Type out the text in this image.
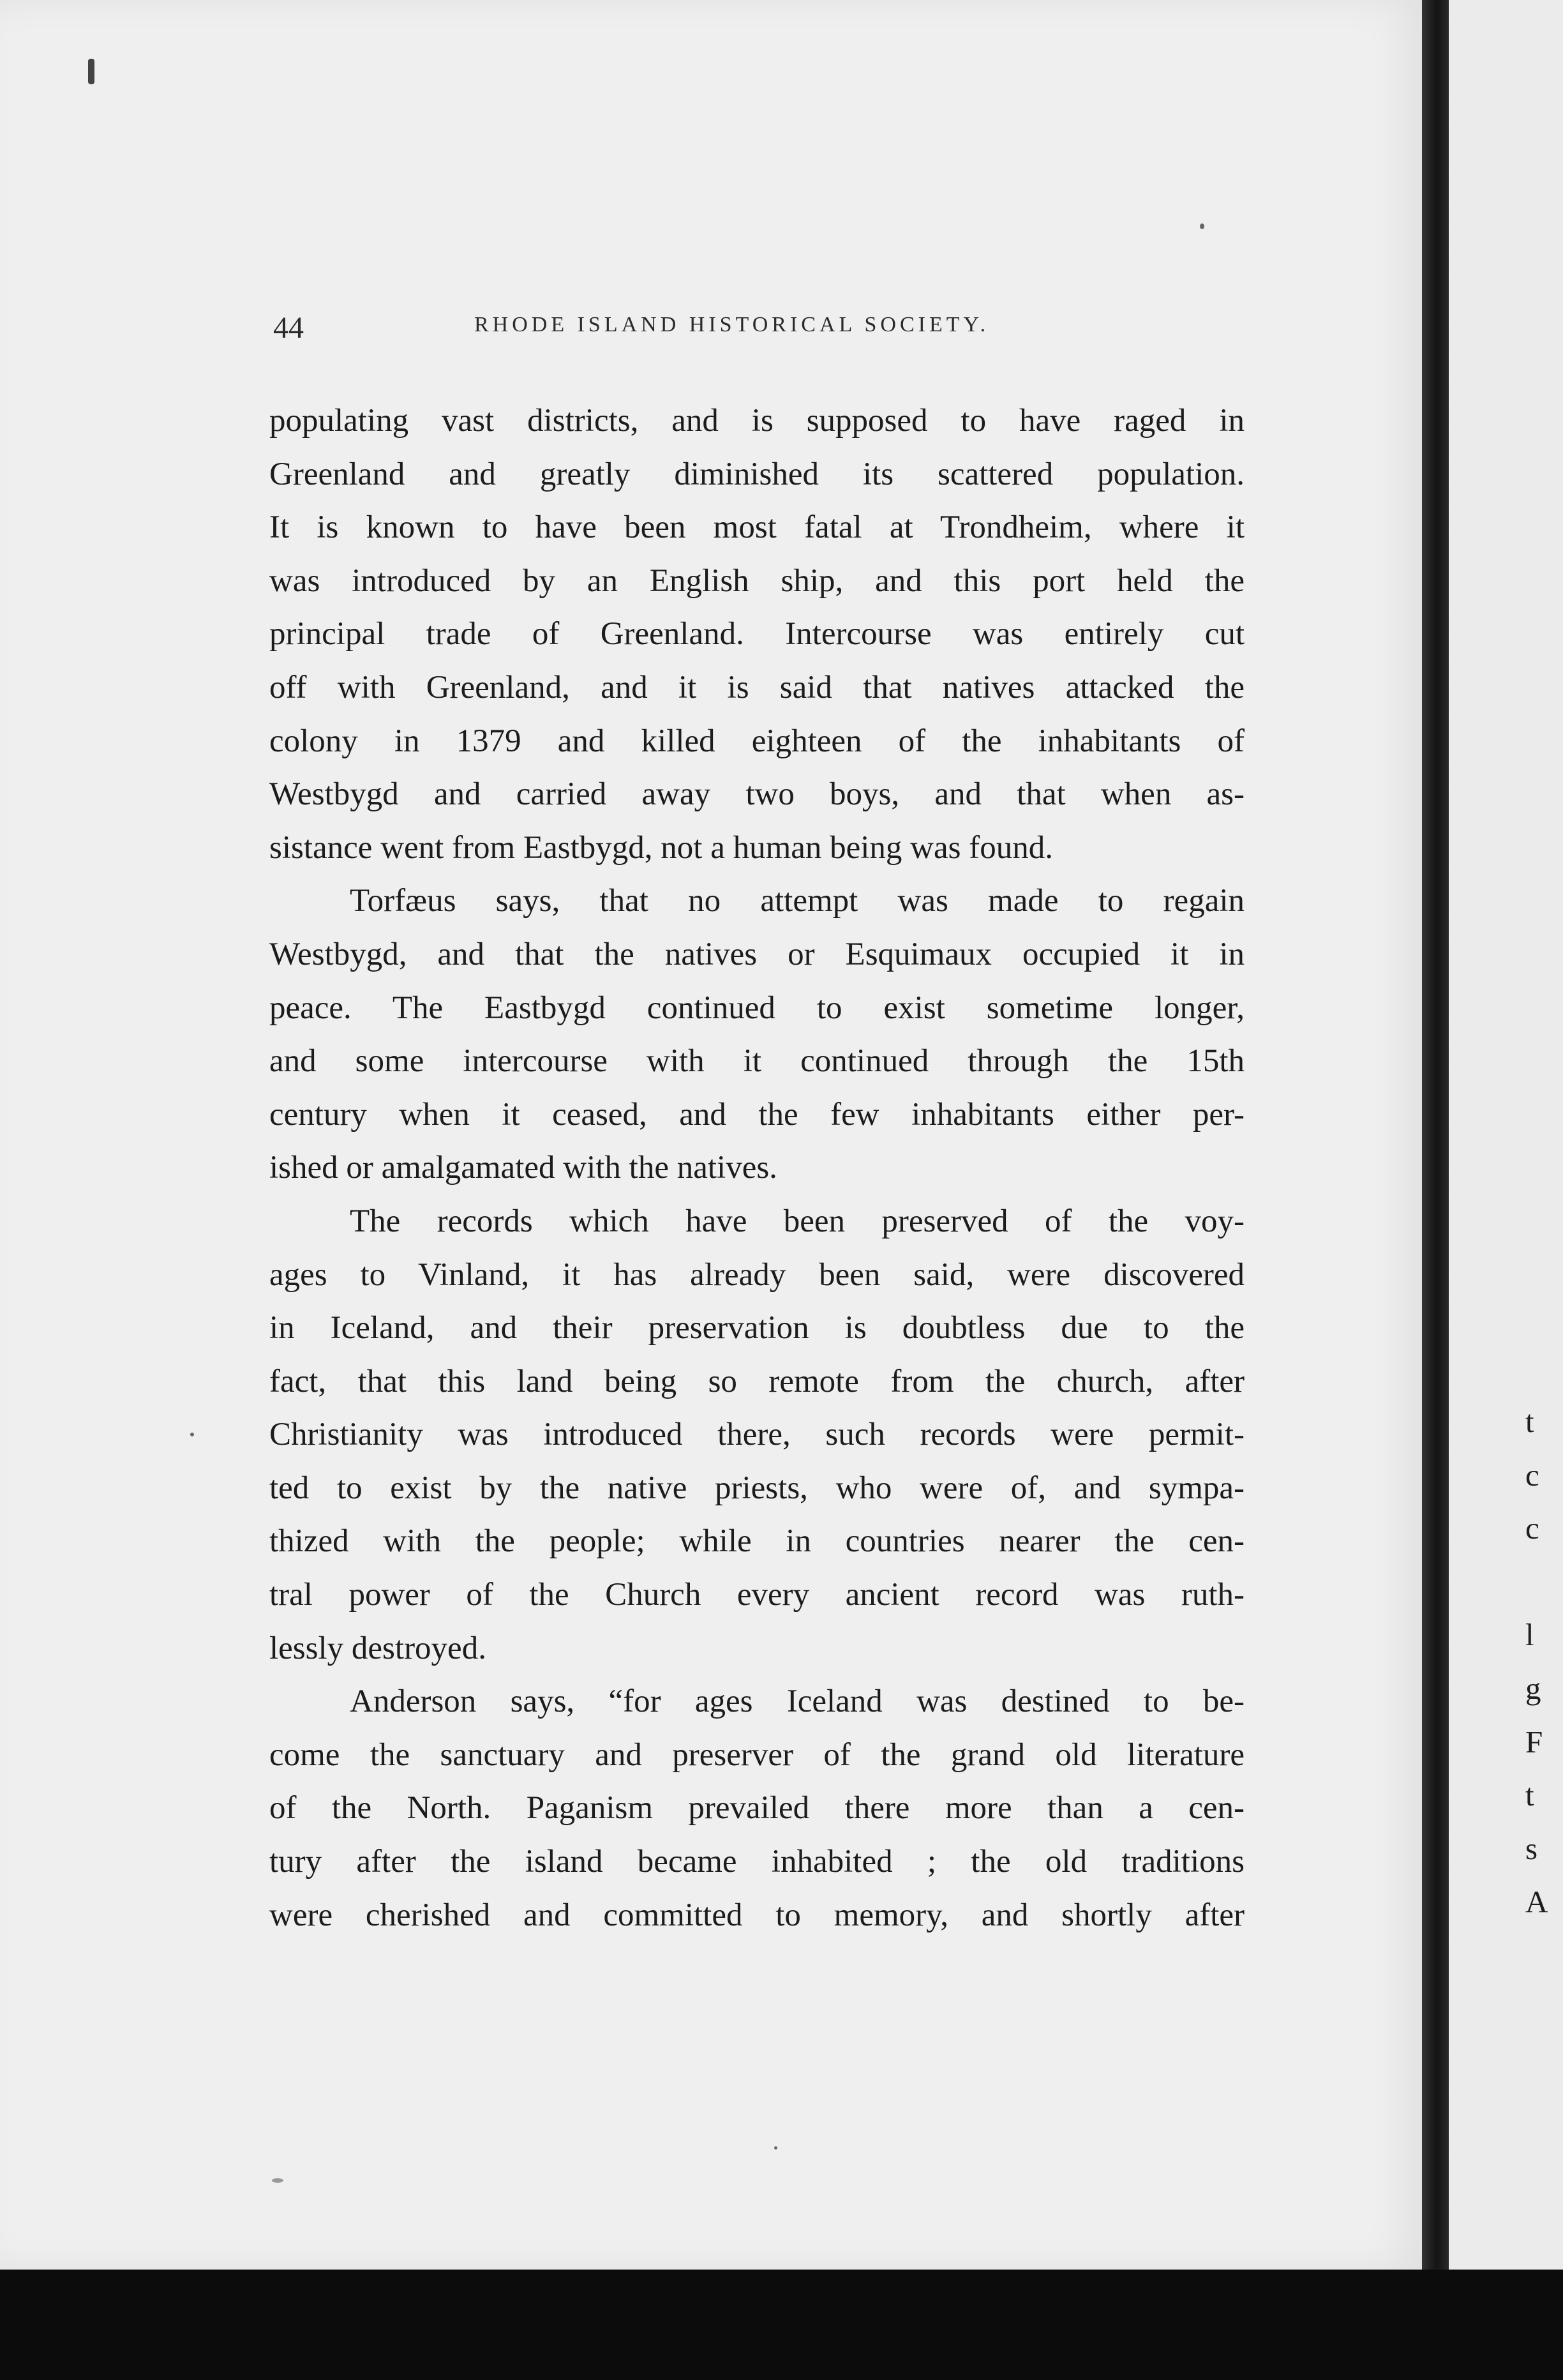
44	RHODE ISLAND HISTORICAL SOCIETY.
populating vast districts, and is supposed to have raged in
Greenland and greatly diminished its scattered population.
It is known to have been most fatal at Trondheim, where it
was introduced by an English ship, and this port held the
principal trade of Greenland. Intercourse was entirely cut
off with Greenland, and it is said that natives attacked the
colony in 1379 and killed eighteen of the inhabitants of
Westbygd and carried away two boys, and that when as-
sistance went from Eastbygd, not a human being was found.
Torfæus says, that no attempt was made to regain
Westbygd, and that the natives or Esquimaux occupied it in
peace. The Eastbygd continued to exist sometime longer,
and some intercourse with it continued through the 15th
century when it ceased, and the few inhabitants either per-
ished or amalgamated with the natives.
The records which have been preserved of the voy-
ages to Vinland, it has already been said, were discovered
in Iceland, and their preservation is doubtless due to the
fact, that this land being so remote from the church, after
Christianity was introduced there, such records were permit-
ted to exist by the native priests, who were of, and sympa-
thized with the people; while in countries nearer the cen-
tral power of the Church every ancient record was ruth-
lessly destroyed.
Anderson says, “for ages Iceland was destined to be-
come the sanctuary and preserver of the grand old literature
of the North. Paganism prevailed there more than a cen-
tury after the island became inhabited ; the old traditions
were cherished and committed to memory, and shortly after
t
c
c
l
g
F
t
s
A
